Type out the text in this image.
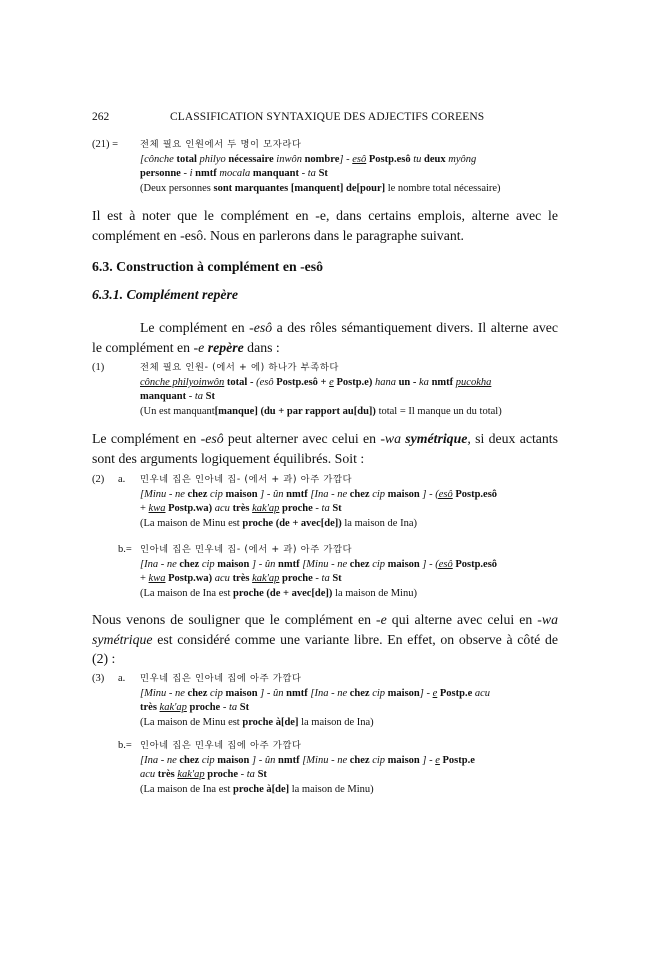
262	CLASSIFICATION SYNTAXIQUE DES ADJECTIFS COREENS
(21) = 전체 필요 인원에서 두 명이 모자라다
[cônche total philyo nécessaire inwôn nombre] - esô Postp.esô tu deux myông
personne - i nmtf mocala manquant - ta St
(Deux personnes sont marquantes [manquent] de[pour] le nombre total nécessaire)
Il est à noter que le complément en -e, dans certains emplois, alterne avec le complément en -esô. Nous en parlerons dans le paragraphe suivant.
6.3. Construction à complément en -esô
6.3.1. Complément repère
Le complément en -esô a des rôles sémantiquement divers. Il alterne avec le complément en -e repère dans :
(1)	전체 필요 인원- (에서 + 에) 하나가 부족하다
cônche philyoinwôn total - (esô Postp.esô + e Postp.e) hana un - ka nmtf pucokha
manquant - ta St
(Un est manquant[manque] (du + par rapport au[du]) total = Il manque un du total)
Le complément en -esô peut alterner avec celui en -wa symétrique, si deux actants sont des arguments logiquement équilibrés. Soit :
(2) a. 민우네 집은 인아네 집- (에서 + 과) 아주 가깝다
[Minu - ne chez cip maison ] - ûn nmtf [Ina - ne chez cip maison ] - (esô Postp.esô
+ kwa Postp.wa) acu très kak'ap proche - ta St
(La maison de Minu est proche (de + avec[de]) la maison de Ina)
b.= 인아네 집은 민우네 집- (에서 + 과) 아주 가깝다
[Ina - ne chez cip maison ] - ûn nmtf [Minu - ne chez cip maison ] - (esô Postp.esô
+ kwa Postp.wa) acu très kak'ap proche - ta St
(La maison de Ina est proche (de + avec[de]) la maison de Minu)
Nous venons de souligner que le complément en -e qui alterne avec celui en -wa symétrique est considéré comme une variante libre. En effet, on observe à côté de (2) :
(3) a. 민우네 집은 인아네 집에 아주 가깝다
[Minu - ne chez cip maison ] - ûn nmtf [Ina - ne chez cip maison] - e Postp.e acu
très kak'ap proche - ta St
(La maison de Minu est proche à[de] la maison de Ina)
b.= 인아네 집은 민우네 집에 아주 가깝다
[Ina - ne chez cip maison ] - ûn nmtf [Minu - ne chez cip maison ] - e Postp.e
acu très kak'ap proche - ta St
(La maison de Ina est proche à[de] la maison de Minu)
